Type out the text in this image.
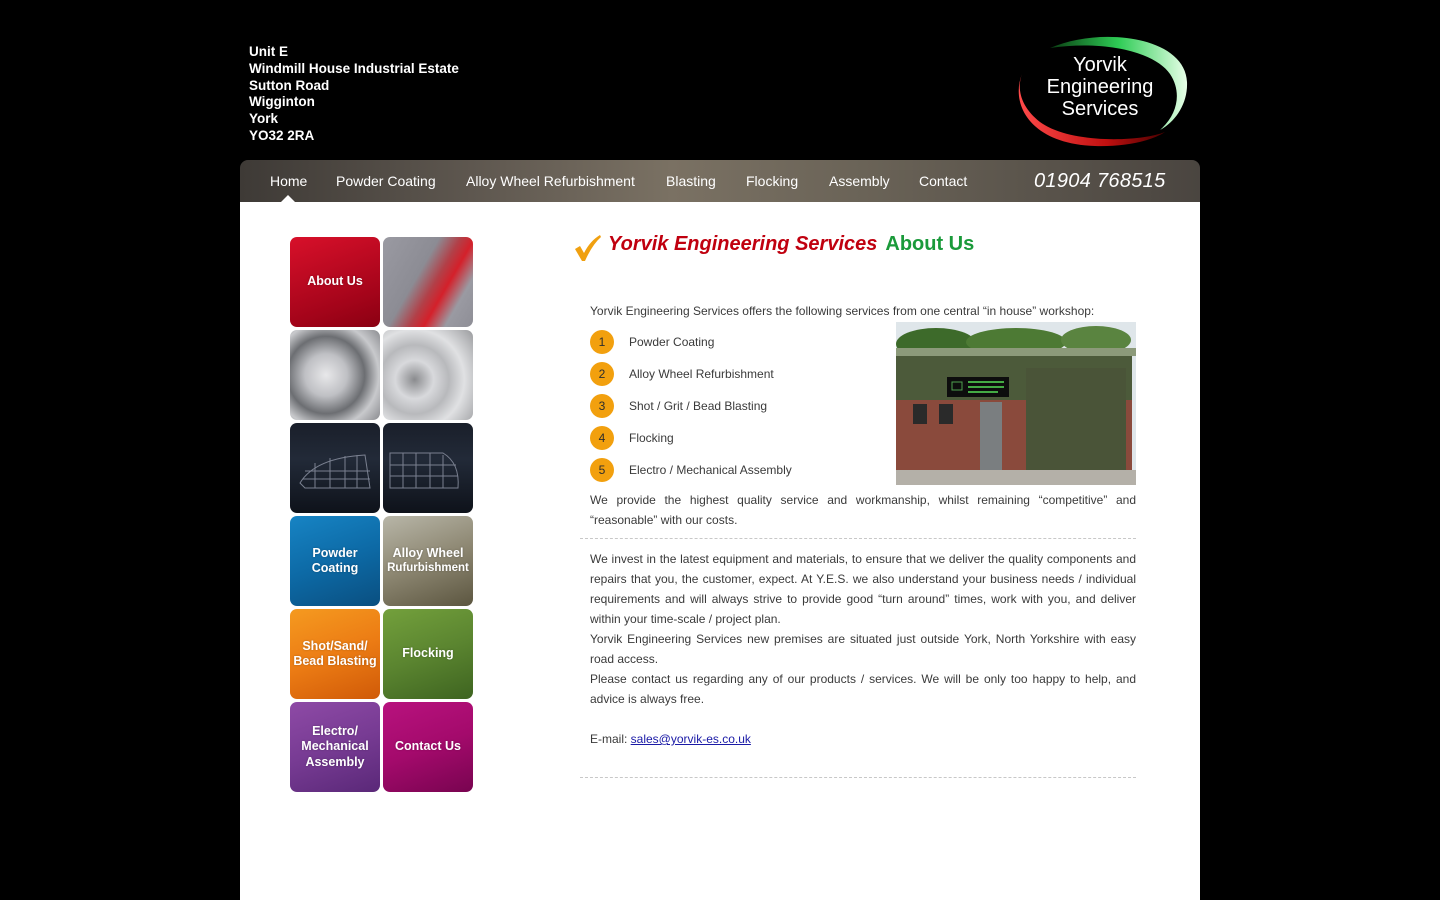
Unit E
Windmill House Industrial Estate
Sutton Road
Wigginton
York
YO32 2RA
Yorvik
Engineering
Services
Home Powder Coating Alloy Wheel Refurbishment Blasting Flocking Assembly Contact	01904 768515
About Us
Powder
Coating
Alloy Wheel
Rufurbishment
Shot/Sand/
Bead Blasting
Flocking
Electro/
Mechanical
Assembly
Contact Us
Yorvik Engineering Services About Us
Yorvik Engineering Services offers the following services from one central “in house” workshop:
1	Powder Coating
2	Alloy Wheel Refurbishment
3	Shot / Grit / Bead Blasting
4	Flocking
5	Electro / Mechanical Assembly
We provide the highest quality service and workmanship, whilst remaining “competitive” and “reasonable” with our costs.
We invest in the latest equipment and materials, to ensure that we deliver the quality components and repairs that you, the customer, expect. At Y.E.S. we also understand your business needs / individual requirements and will always strive to provide good “turn around” times, work with you, and deliver within your time-scale / project plan.
Yorvik Engineering Services new premises are situated just outside York, North Yorkshire with easy road access.
Please contact us regarding any of our products / services. We will be only too happy to help, and advice is always free.
E-mail: sales@yorvik-es.co.uk
